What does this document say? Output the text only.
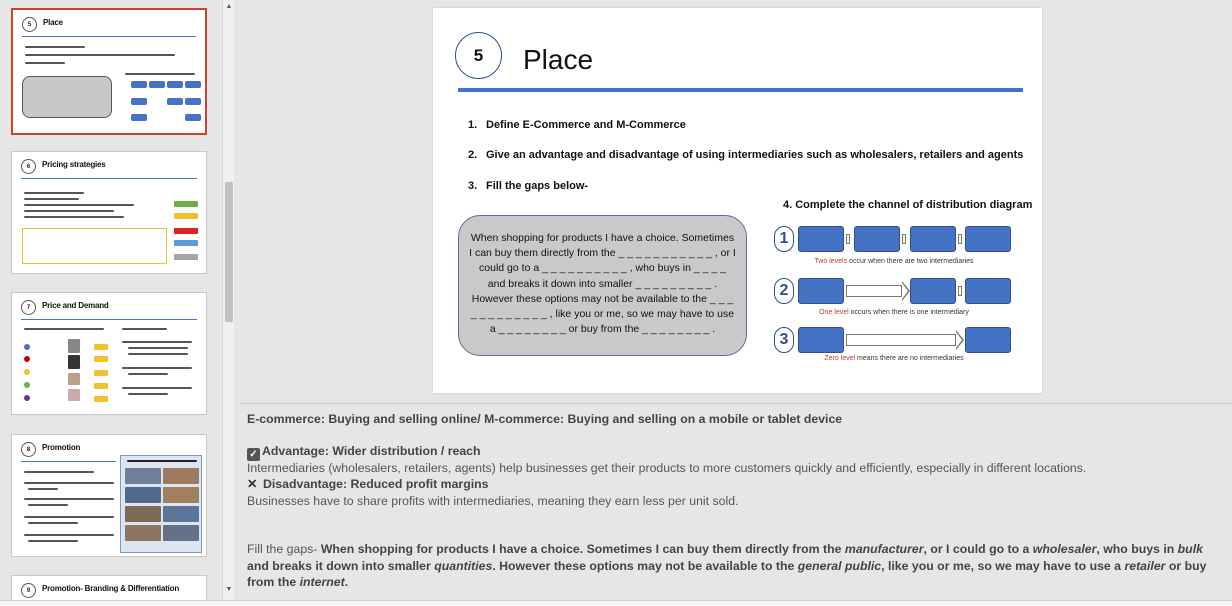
5	Place
6	Pricing strategies
7	Price and Demand
8	Promotion
9	Promotion- Branding & Differentiation
▲
▼
5	Place
1. Define E-Commerce and M-Commerce
2. Give an advantage and disadvantage of using intermediaries such as wholesalers, retailers and agents
3. Fill the gaps below-
4. Complete the channel of distribution diagram
When shopping for products I have a choice. Sometimes I can buy them directly from the _ _ _ _ _ _ _ _ _ _ _ , or I could go to a _ _ _ _ _ _ _ _ _ _ , who buys in _ _ _ _ and breaks it down into smaller _ _ _ _ _ _ _ _ _ . However these options may not be available to the _ _ _ _ _ _ _ _ _ _ _ _ , like you or me, so we may have to use a _ _ _ _ _ _ _ _ or buy from the _ _ _ _ _ _ _ _ .
1
Two levels occur when there are two intermediaries
2
One level occurs when there is one intermediary
3
Zero level means there are no intermediaries
E-commerce: Buying and selling online/ M-commerce: Buying and selling on a mobile or tablet device
✓ Advantage: Wider distribution / reach
Intermediaries (wholesalers, retailers, agents) help businesses get their products to more customers quickly and efficiently, especially in different locations.
✕ Disadvantage: Reduced profit margins
Businesses have to share profits with intermediaries, meaning they earn less per unit sold.
Fill the gaps- When shopping for products I have a choice. Sometimes I can buy them directly from the manufacturer, or I could go to a wholesaler, who buys in bulk and breaks it down into smaller quantities. However these options may not be available to the general public, like you or me, so we may have to use a retailer or buy from the internet.
